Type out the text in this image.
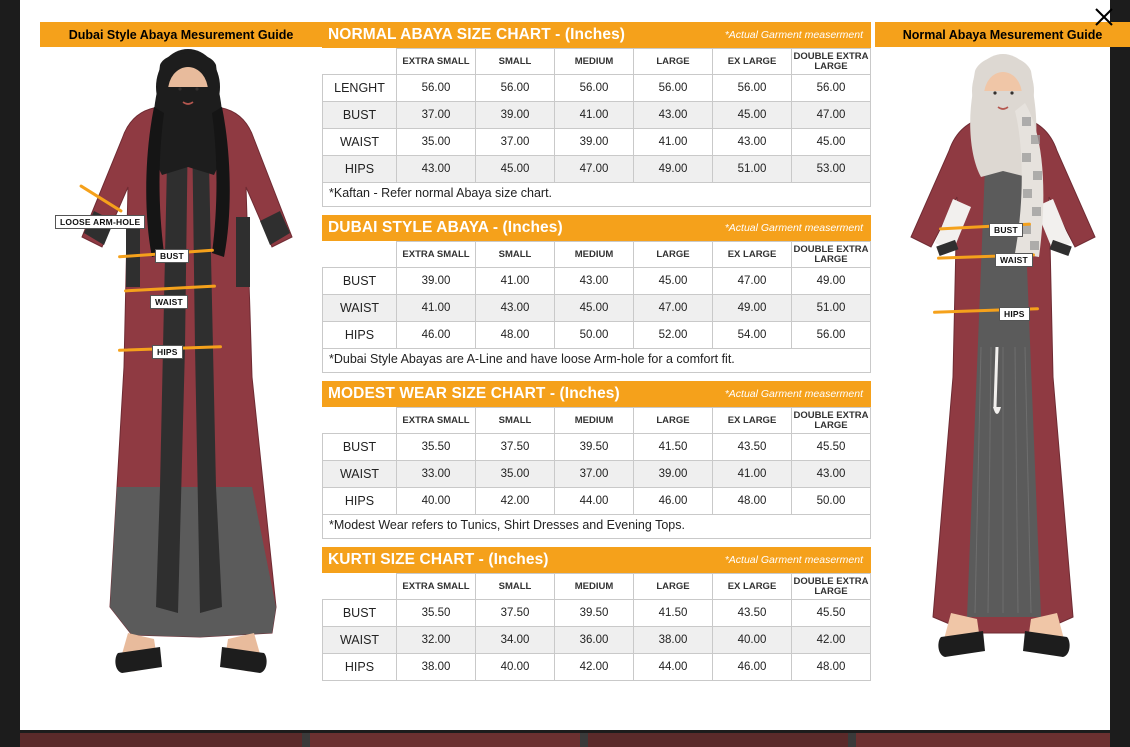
Dubai Style Abaya Mesurement Guide
LOOSE ARM-HOLE
BUST
WAIST
HIPS
NORMAL ABAYA SIZE CHART - (Inches)	*Actual Garment measerment
	EXTRA SMALL	SMALL	MEDIUM	LARGE	EX LARGE	DOUBLE EXTRA LARGE
LENGHT	56.00	56.00	56.00	56.00	56.00	56.00
BUST	37.00	39.00	41.00	43.00	45.00	47.00
WAIST	35.00	37.00	39.00	41.00	43.00	45.00
HIPS	43.00	45.00	47.00	49.00	51.00	53.00
*Kaftan - Refer normal Abaya size chart.
DUBAI STYLE ABAYA - (Inches)	*Actual Garment measerment
	EXTRA SMALL	SMALL	MEDIUM	LARGE	EX LARGE	DOUBLE EXTRA LARGE
BUST	39.00	41.00	43.00	45.00	47.00	49.00
WAIST	41.00	43.00	45.00	47.00	49.00	51.00
HIPS	46.00	48.00	50.00	52.00	54.00	56.00
*Dubai Style Abayas are A-Line and have loose Arm-hole for a comfort fit.
MODEST WEAR SIZE CHART - (Inches)	*Actual Garment measerment
	EXTRA SMALL	SMALL	MEDIUM	LARGE	EX LARGE	DOUBLE EXTRA LARGE
BUST	35.50	37.50	39.50	41.50	43.50	45.50
WAIST	33.00	35.00	37.00	39.00	41.00	43.00
HIPS	40.00	42.00	44.00	46.00	48.00	50.00
*Modest Wear refers to Tunics, Shirt Dresses and Evening Tops.
KURTI SIZE CHART - (Inches)	*Actual Garment measerment
	EXTRA SMALL	SMALL	MEDIUM	LARGE	EX LARGE	DOUBLE EXTRA LARGE
BUST	35.50	37.50	39.50	41.50	43.50	45.50
WAIST	32.00	34.00	36.00	38.00	40.00	42.00
HIPS	38.00	40.00	42.00	44.00	46.00	48.00
Normal Abaya Mesurement Guide
BUST
WAIST
HIPS
